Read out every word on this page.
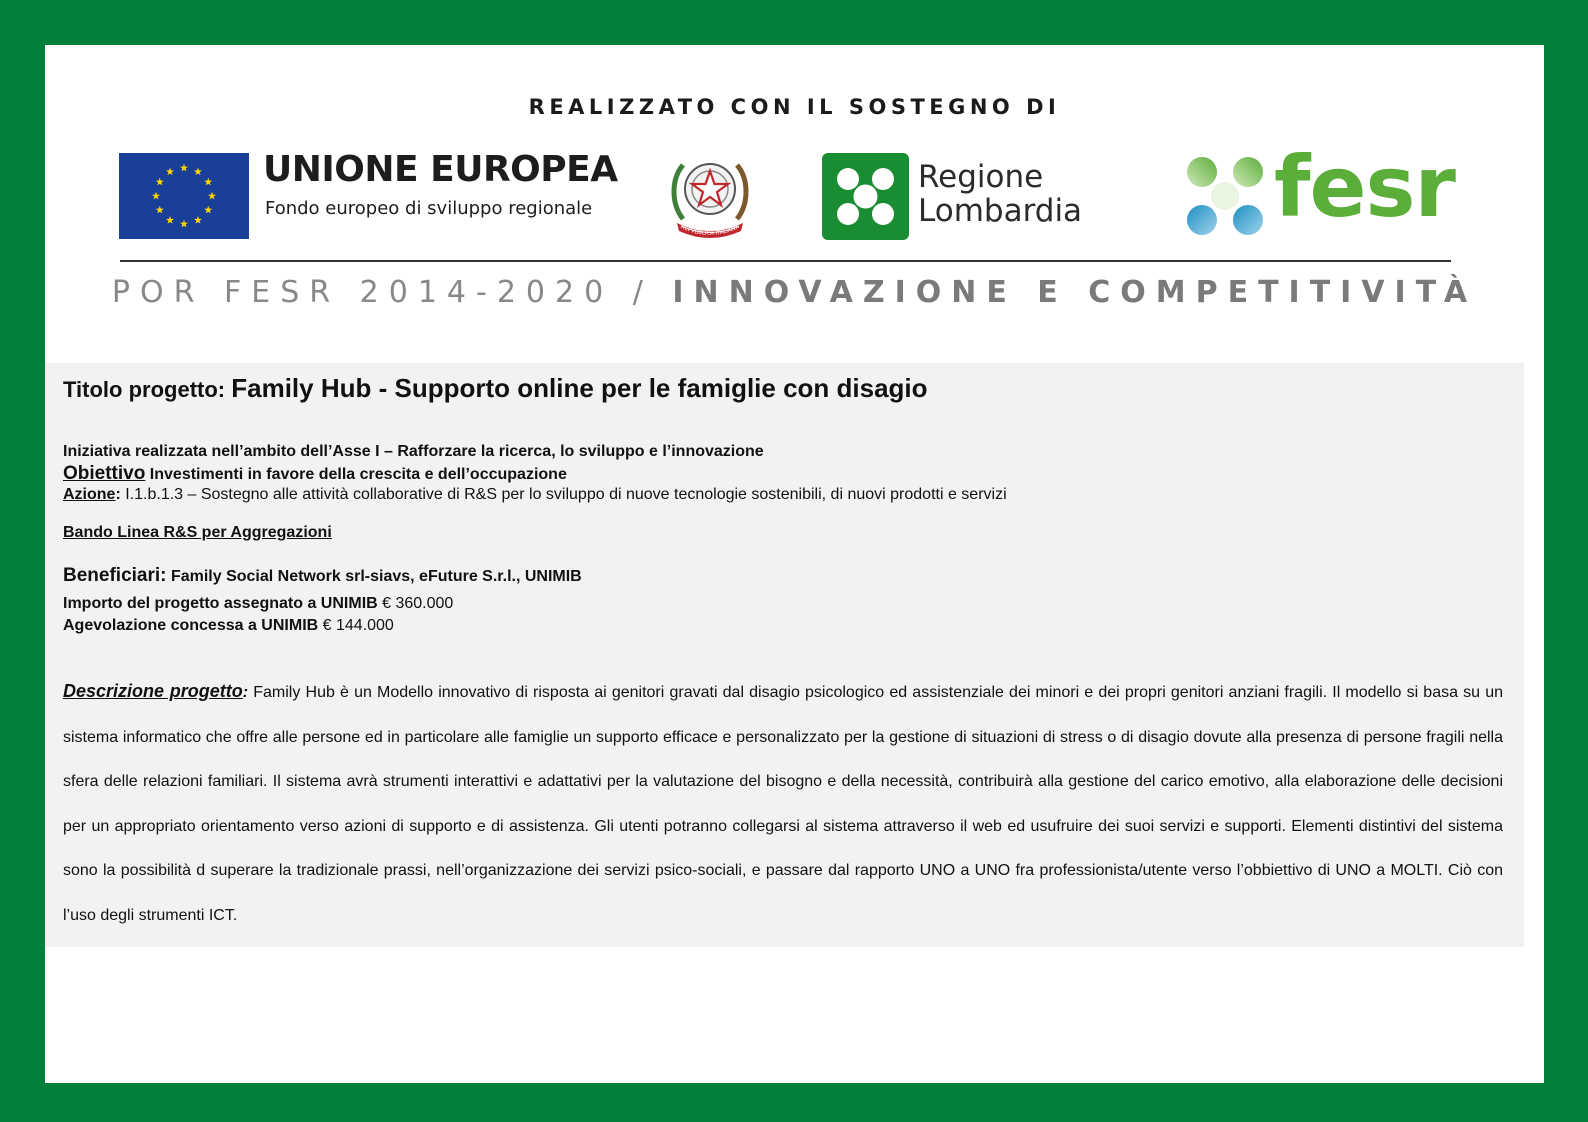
REALIZZATO CON IL SOSTEGNO DI
UNIONE EUROPEA
Fondo europeo di sviluppo regionale
REPVBBLICA ITALIANA
Regione
Lombardia fesr
POR FESR 2014-2020 / INNOVAZIONE E COMPETITIVITÀ
Titolo progetto: Family Hub - Supporto online per le famiglie con disagio
Iniziativa realizzata nell’ambito dell’Asse I – Rafforzare la ricerca, lo sviluppo e l’innovazione
Obiettivo Investimenti in favore della crescita e dell’occupazione
Azione: I.1.b.1.3 – Sostegno alle attività collaborative di R&S per lo sviluppo di nuove tecnologie sostenibili, di nuovi prodotti e servizi
Bando Linea R&S per Aggregazioni
Beneficiari: Family Social Network srl-siavs, eFuture S.r.l., UNIMIB
Importo del progetto assegnato a UNIMIB € 360.000
Agevolazione concessa a UNIMIB € 144.000

Descrizione progetto: Family Hub è un Modello innovativo di risposta ai genitori gravati dal disagio psicologico ed assistenziale dei minori e dei propri genitori anziani fragili. Il modello si basa su un sistema informatico che offre alle persone ed in particolare alle famiglie un supporto efficace e personalizzato per la gestione di situazioni di stress o di disagio dovute alla presenza di persone fragili nella sfera delle relazioni familiari. Il sistema avrà strumenti interattivi e adattativi per la valutazione del bisogno e della necessità, contribuirà alla gestione del carico emotivo, alla elaborazione delle decisioni per un appropriato orientamento verso azioni di supporto e di assistenza. Gli utenti potranno collegarsi al sistema attraverso il web ed usufruire dei suoi servizi e supporti. Elementi distintivi del sistema sono la possibilità d superare la tradizionale prassi, nell’organizzazione dei servizi psico-sociali, e passare dal rapporto UNO a UNO fra professionista/utente verso l’obbiettivo di UNO a MOLTI. Ciò con l’uso degli strumenti ICT.
